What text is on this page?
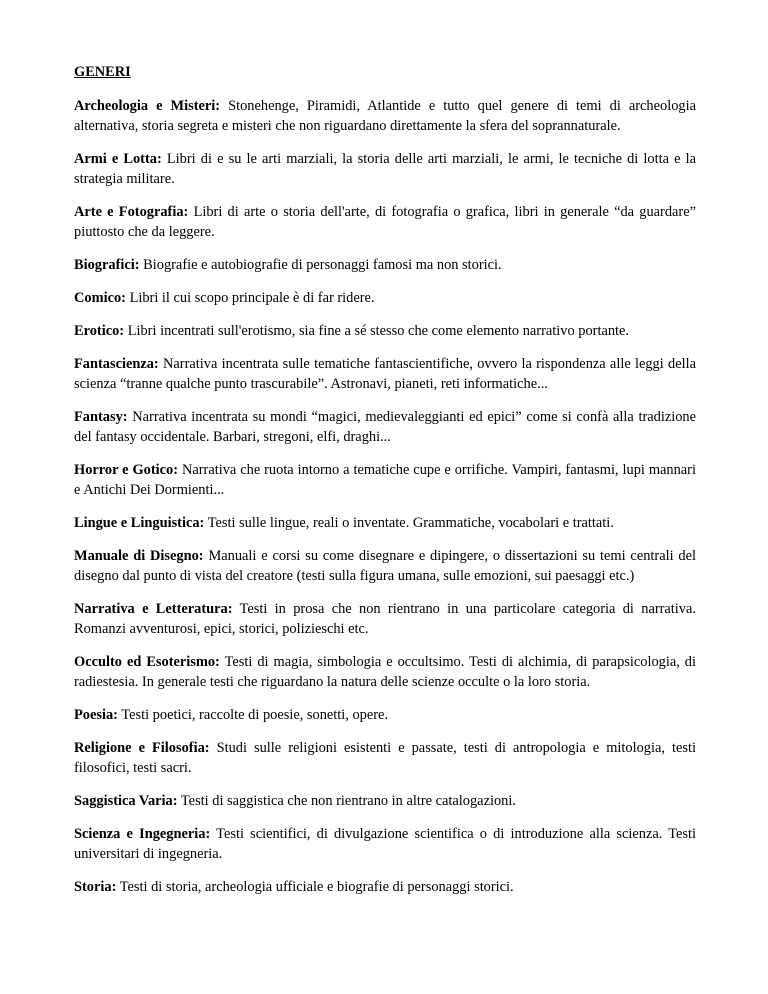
GENERI

Archeologia e Misteri: Stonehenge, Piramidi, Atlantide e tutto quel genere di temi di archeologia alternativa, storia segreta e misteri che non riguardano direttamente la sfera del soprannaturale.

Armi e Lotta: Libri di e su le arti marziali, la storia delle arti marziali, le armi, le tecniche di lotta e la strategia militare.

Arte e Fotografia: Libri di arte o storia dell'arte, di fotografia o grafica, libri in generale “da guardare” piuttosto che da leggere.

Biografici: Biografie e autobiografie di personaggi famosi ma non storici.

Comico: Libri il cui scopo principale è di far ridere.

Erotico: Libri incentrati sull'erotismo, sia fine a sé stesso che come elemento narrativo portante.

Fantascienza: Narrativa incentrata sulle tematiche fantascientifiche, ovvero la rispondenza alle leggi della scienza “tranne qualche punto trascurabile”. Astronavi, pianeti, reti informatiche...

Fantasy: Narrativa incentrata su mondi “magici, medievaleggianti ed epici” come si confà alla tradizione del fantasy occidentale. Barbari, stregoni, elfi, draghi...

Horror e Gotico: Narrativa che ruota intorno a tematiche cupe e orrifiche. Vampiri, fantasmi, lupi mannari e Antichi Dei Dormienti...

Lingue e Linguistica: Testi sulle lingue, reali o inventate. Grammatiche, vocabolari e trattati.

Manuale di Disegno: Manuali e corsi su come disegnare e dipingere, o dissertazioni su temi centrali del disegno dal punto di vista del creatore (testi sulla figura umana, sulle emozioni, sui paesaggi etc.)

Narrativa e Letteratura: Testi in prosa che non rientrano in una particolare categoria di narrativa. Romanzi avventurosi, epici, storici, polizieschi etc.

Occulto ed Esoterismo: Testi di magia, simbologia e occultsimo. Testi di alchimia, di parapsicologia, di radiestesia. In generale testi che riguardano la natura delle scienze occulte o la loro storia.

Poesia: Testi poetici, raccolte di poesie, sonetti, opere.

Religione e Filosofia: Studi sulle religioni esistenti e passate, testi di antropologia e mitologia, testi filosofici, testi sacri.

Saggistica Varia: Testi di saggistica che non rientrano in altre catalogazioni.

Scienza e Ingegneria: Testi scientifici, di divulgazione scientifica o di introduzione alla scienza. Testi universitari di ingegneria.

Storia: Testi di storia, archeologia ufficiale e biografie di personaggi storici.
